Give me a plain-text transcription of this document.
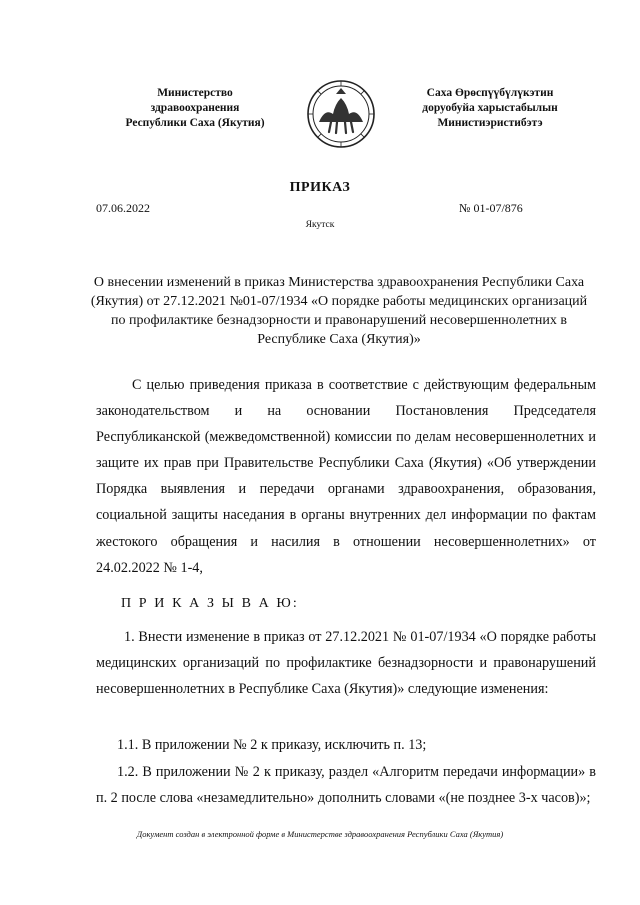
Министерство
здравоохранения
Республики Саха (Якутия)
Саха Өрөспүүбүлүкэтин
доруобуйа харыстабылын
Министиэристибэтэ
ПРИКАЗ
07.06.2022	№ 01-07/876
Якутск
О внесении изменений в приказ Министерства здравоохранения Республики Саха (Якутия) от 27.12.2021 №01-07/1934 «О порядке работы медицинских организаций по профилактике безнадзорности и правонарушений несовершеннолетних в Республике Саха (Якутия)»
С целью приведения приказа в соответствие с действующим федеральным законодательством и на основании Постановления Председателя Республиканской (межведомственной) комиссии по делам несовершеннолетних и защите их прав при Правительстве Республики Саха (Якутия) «Об утверждении Порядка выявления и передачи органами здравоохранения, образования, социальной защиты наседания в органы внутренних дел информации по фактам жестокого обращения и насилия в отношении несовершеннолетних» от 24.02.2022 № 1-4,
П Р И К А З Ы В А Ю:
1. Внести изменение в приказ от 27.12.2021 № 01-07/1934 «О порядке работы медицинских организаций по профилактике безнадзорности и правонарушений несовершеннолетних в Республике Саха (Якутия)» следующие изменения:
1.1. В приложении № 2 к приказу, исключить п. 13;
1.2. В приложении № 2 к приказу, раздел «Алгоритм передачи информации» в п. 2 после слова «незамедлительно» дополнить словами «(не позднее 3-х часов)»;
Документ создан в электронной форме в Министерстве здравоохранения Республики Саха (Якутия)
